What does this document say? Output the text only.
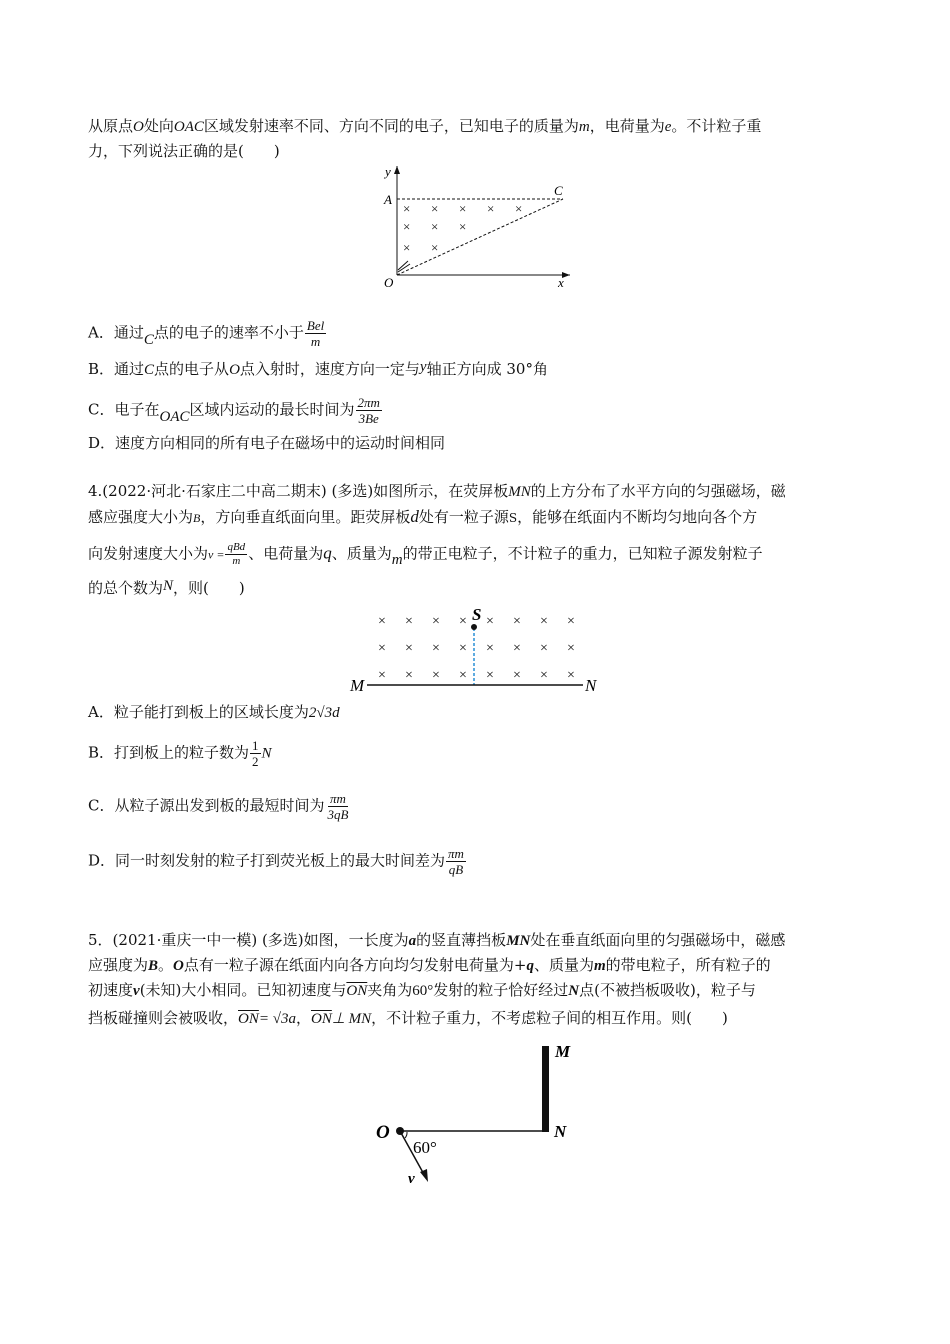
从原点O处向OAC区域发射速率不同、方向不同的电子，已知电子的质量为m，电荷量为e。不计粒子重
力，下列说法正确的是(　　)
y
A
C
O	x
× × × × ×
× × ×
× ×
A．通过C点的电子的速率不小于 $\frac{\text{Bel}}{m}$
B．通过C点的电子从O点入射时，速度方向一定与y轴正方向成 30°角
C．电子在OAC区域内运动的最长时间为 $\frac{2\pi m}{3Be}$
D．速度方向相同的所有电子在磁场中的运动时间相同
4.(2022·河北·石家庄二中高二期末) (多选)如图所示，在荧屏板MN的上方分布了水平方向的匀强磁场，磁
感应强度大小为B，方向垂直纸面向里。距荧屏板d处有一粒子源S，能够在纸面内不断均匀地向各个方
向发射速度大小为$v = \frac{\text{qBd}}{m}$ 、电荷量为q、质量为m的带正电粒子，不计粒子的重力，已知粒子源发射粒子
的总个数为N，则(　　)
× × × × × × × ×
× × × × × × × ×
× × × × × × × ×
S
M	N
A．粒子能打到板上的区域长度为2√3d
B．打到板上的粒子数为 $\frac{1}{2}$ N
C．从粒子源出发到板的最短时间为 $\frac{\pi m}{3qB}$
D．同一时刻发射的粒子打到荧光板上的最大时间差为 $\frac{\pi m}{qB}$
5．(2021·重庆一中一模) (多选)如图，一长度为a的竖直薄挡板MN处在垂直纸面向里的匀强磁场中，磁感
应强度为B。O点有一粒子源在纸面内向各方向均匀发射电荷量为+q、质量为m的带电粒子，所有粒子的
初速度v(未知)大小相同。已知初速度与$\overline{ON}$夹角为60°发射的粒子恰好经过N点(不被挡板吸收)，粒子与
挡板碰撞则会被吸收，$\overline{ON}= √3a$，$\overline{ON}\perp$ MN，不计粒子重力，不考虑粒子间的相互作用。则(　　)
O
M
N
60°
v
